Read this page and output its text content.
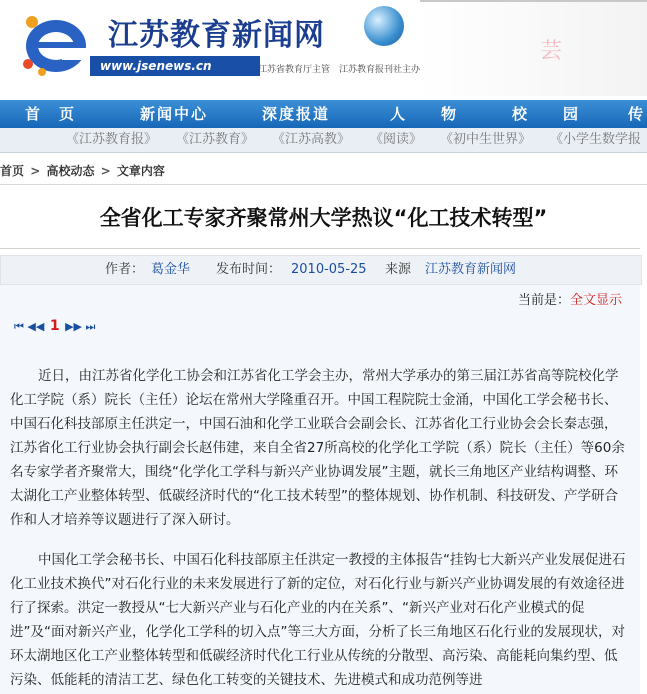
江苏教育新闻网
www.jsenews.cn	江苏省教育厅主管　江苏教育报刊社主办
芸
首　页	新闻中心	深度报道	人　　物	校　　园	传
《江苏教育报》 《江苏教育》 《江苏高教》 《阅读》 《初中生世界》 《小学生数学报
首页 > 高校动态 > 文章内容
全省化工专家齐聚常州大学热议“化工技术转型”
作者： 葛金华 发布时间： 2010-05-25 来源 江苏教育新闻网
当前是：全文显示
⏮ ◀◀ 1 ▶▶ ⏭

近日，由江苏省化学化工协会和江苏省化工学会主办，常州大学承办的第三届江苏省高等院校化学化工学院（系）院长（主任）论坛在常州大学隆重召开。中国工程院院士金涌，中国化工学会秘书长、中国石化科技部原主任洪定一，中国石油和化学工业联合会副会长、江苏省化工行业协会会长秦志强，江苏省化工行业协会执行副会长赵伟建，来自全省27所高校的化学化工学院（系）院长（主任）等60余名专家学者齐聚常大，围绕“化学化工学科与新兴产业协调发展”主题，就长三角地区产业结构调整、环太湖化工产业整体转型、低碳经济时代的“化工技术转型”的整体规划、协作机制、科技研发、产学研合作和人才培养等议题进行了深入研讨。

中国化工学会秘书长、中国石化科技部原主任洪定一教授的主体报告“挂钩七大新兴产业发展促进石化工业技术换代”对石化行业的未来发展进行了新的定位，对石化行业与新兴产业协调发展的有效途径进行了探索。洪定一教授从“七大新兴产业与石化产业的内在关系”、“新兴产业对石化产业模式的促进”及“面对新兴产业，化学化工学科的切入点”等三大方面，分析了长三角地区石化行业的发展现状，对环太湖地区化工产业整体转型和低碳经济时代化工行业从传统的分散型、高污染、高能耗向集约型、低污染、低能耗的清洁工艺、绿色化工转变的关键技术、先进模式和成功范例等进
